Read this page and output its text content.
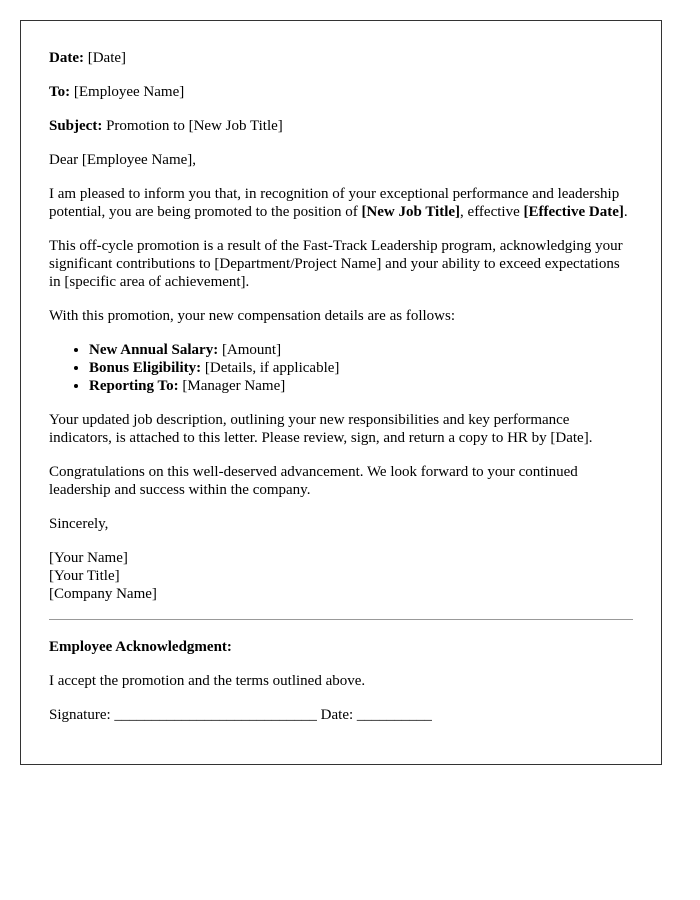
Date: [Date]

To: [Employee Name]

Subject: Promotion to [New Job Title]

Dear [Employee Name],

I am pleased to inform you that, in recognition of your exceptional performance and leadership potential, you are being promoted to the position of [New Job Title], effective [Effective Date].

This off-cycle promotion is a result of the Fast-Track Leadership program, acknowledging your significant contributions to [Department/Project Name] and your ability to exceed expectations in [specific area of achievement].

With this promotion, your new compensation details are as follows:

• New Annual Salary: [Amount]
• Bonus Eligibility: [Details, if applicable]
• Reporting To: [Manager Name]

Your updated job description, outlining your new responsibilities and key performance indicators, is attached to this letter. Please review, sign, and return a copy to HR by [Date].

Congratulations on this well-deserved advancement. We look forward to your continued leadership and success within the company.

Sincerely,

[Your Name]
[Your Title]
[Company Name]

Employee Acknowledgment:

I accept the promotion and the terms outlined above.

Signature: ___________________________ Date: __________
